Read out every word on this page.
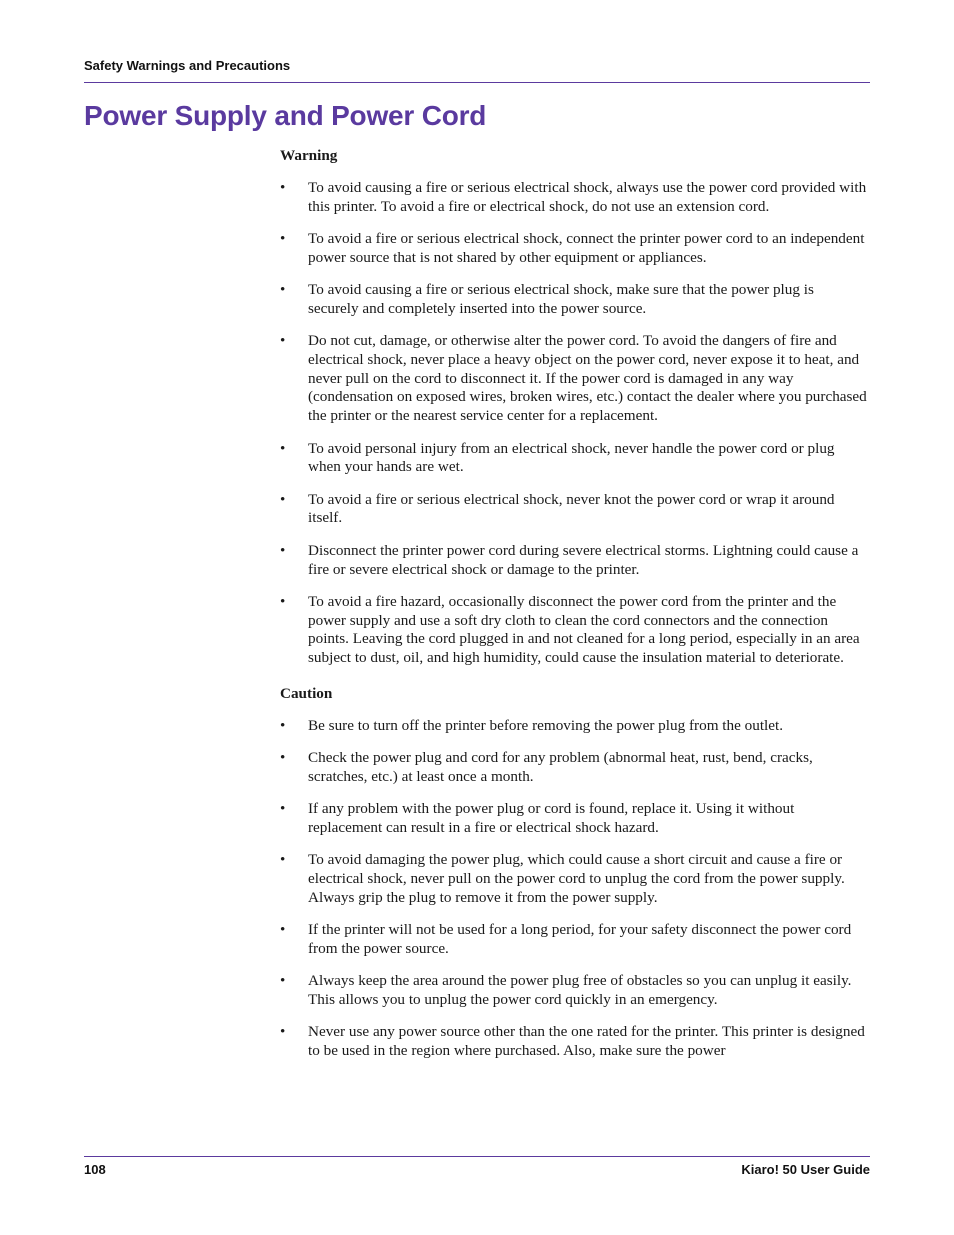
Safety Warnings and Precautions
Power Supply and Power Cord
Warning
• To avoid causing a fire or serious electrical shock, always use the power cord provided with this printer. To avoid a fire or electrical shock, do not use an extension cord.
• To avoid a fire or serious electrical shock, connect the printer power cord to an independent power source that is not shared by other equipment or appliances.
• To avoid causing a fire or serious electrical shock, make sure that the power plug is securely and completely inserted into the power source.
• Do not cut, damage, or otherwise alter the power cord. To avoid the dangers of fire and electrical shock, never place a heavy object on the power cord, never expose it to heat, and never pull on the cord to disconnect it. If the power cord is damaged in any way (condensation on exposed wires, broken wires, etc.) contact the dealer where you purchased the printer or the nearest service center for a replacement.
• To avoid personal injury from an electrical shock, never handle the power cord or plug when your hands are wet.
• To avoid a fire or serious electrical shock, never knot the power cord or wrap it around itself.
• Disconnect the printer power cord during severe electrical storms. Lightning could cause a fire or severe electrical shock or damage to the printer.
• To avoid a fire hazard, occasionally disconnect the power cord from the printer and the power supply and use a soft dry cloth to clean the cord connectors and the connection points. Leaving the cord plugged in and not cleaned for a long period, especially in an area subject to dust, oil, and high humidity, could cause the insulation material to deteriorate.
Caution
• Be sure to turn off the printer before removing the power plug from the outlet.
• Check the power plug and cord for any problem (abnormal heat, rust, bend, cracks, scratches, etc.) at least once a month.
• If any problem with the power plug or cord is found, replace it. Using it without replacement can result in a fire or electrical shock hazard.
• To avoid damaging the power plug, which could cause a short circuit and cause a fire or electrical shock, never pull on the power cord to unplug the cord from the power supply. Always grip the plug to remove it from the power supply.
• If the printer will not be used for a long period, for your safety disconnect the power cord from the power source.
• Always keep the area around the power plug free of obstacles so you can unplug it easily. This allows you to unplug the power cord quickly in an emergency.
• Never use any power source other than the one rated for the printer. This printer is designed to be used in the region where purchased. Also, make sure the power
108	Kiaro! 50 User Guide
